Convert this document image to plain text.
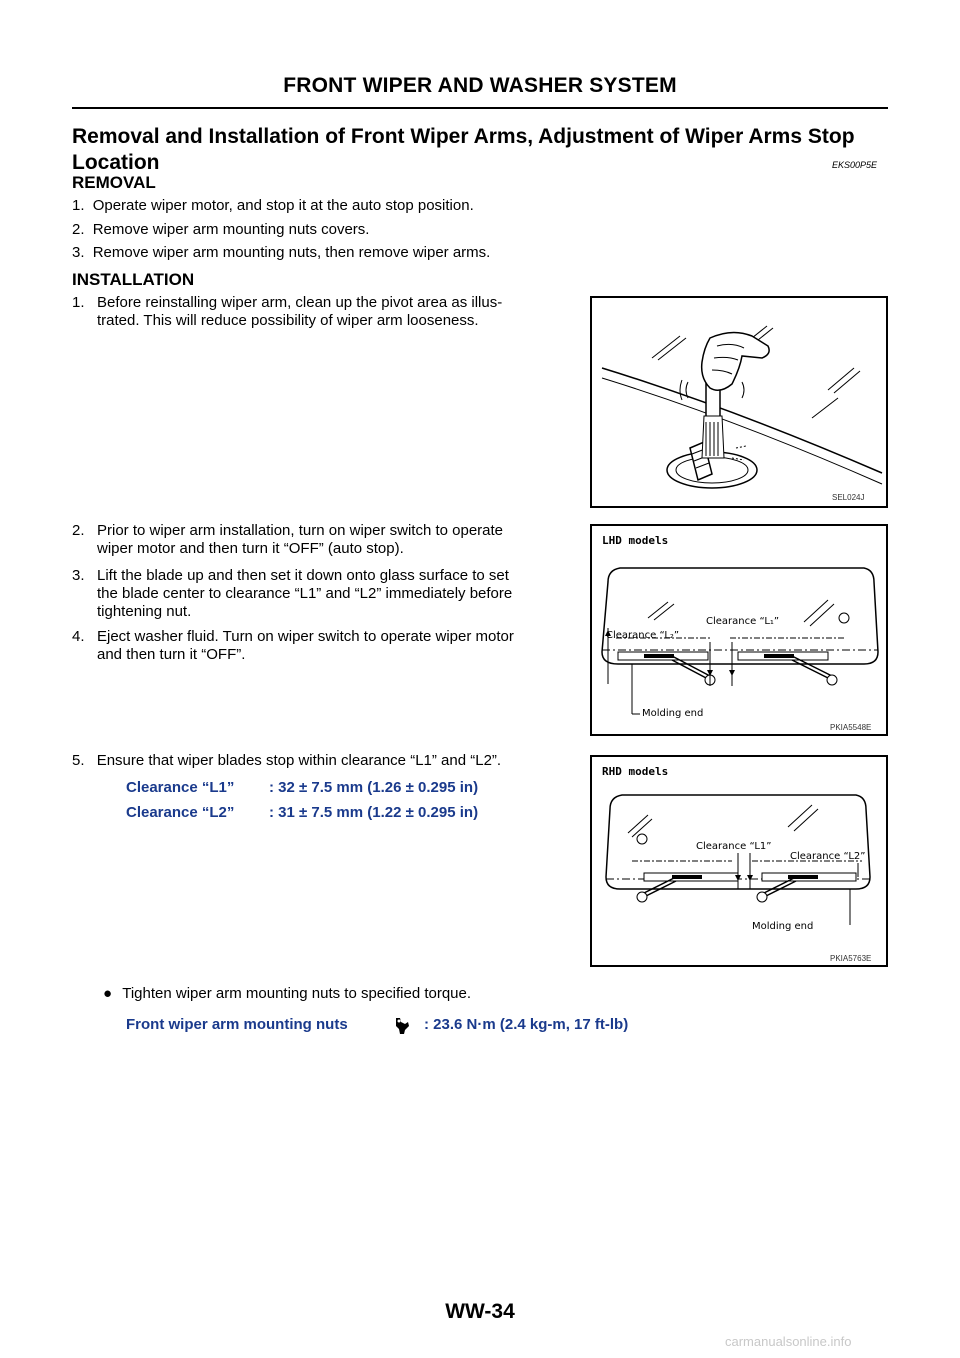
FRONT WIPER AND WASHER SYSTEM
Removal and Installation of Front Wiper Arms, Adjustment of Wiper Arms Stop
Location	EKS00P5E
REMOVAL
1. Operate wiper motor, and stop it at the auto stop position.
2. Remove wiper arm mounting nuts covers.
3. Remove wiper arm mounting nuts, then remove wiper arms.
INSTALLATION
1. Before reinstalling wiper arm, clean up the pivot area as illus-
trated. This will reduce possibility of wiper arm looseness.
2. Prior to wiper arm installation, turn on wiper switch to operate
wiper motor and then turn it “OFF” (auto stop).
3. Lift the blade up and then set it down onto glass surface to set
the blade center to clearance “L1” and “L2” immediately before
tightening nut.
4. Eject washer fluid. Turn on wiper switch to operate wiper motor
and then turn it “OFF”.
5. Ensure that wiper blades stop within clearance “L1” and “L2”.
Clearance “L1” : 32 ± 7.5 mm (1.26 ± 0.295 in)
Clearance “L2” : 31 ± 7.5 mm (1.22 ± 0.295 in)
● Tighten wiper arm mounting nuts to specified torque.
Front wiper arm mounting nuts	: 23.6 N·m (2.4 kg-m, 17 ft-lb)
SEL024J
LHD models
Clearance “L₁”
Clearance “L₂”
Molding end
PKIA5548E
RHD models
Clearance “L1”
Clearance “L2”
Molding end
PKIA5763E
WW-34
carmanualsonline.info
